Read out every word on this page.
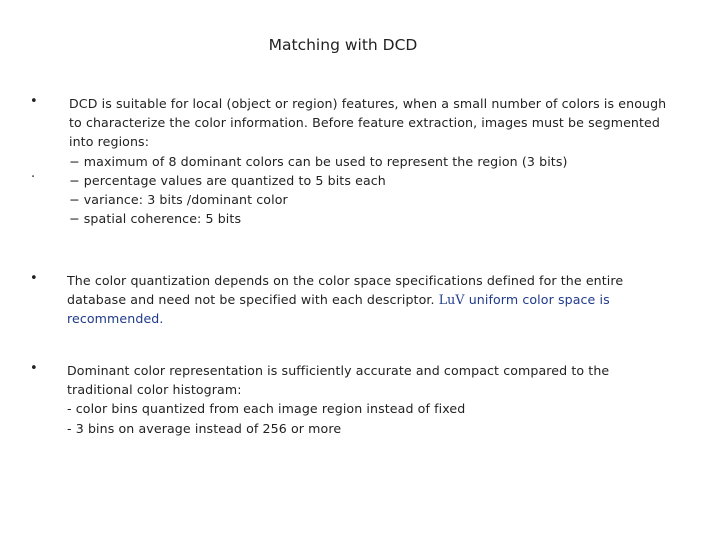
Matching with DCD
•
.
DCD is suitable for local (object or region) features, when a small number of colors is enough
to characterize the color information. Before feature extraction, images must be segmented
into regions:
− maximum of 8 dominant colors can be used to represent the region (3 bits)
− percentage values are quantized to 5 bits each
− variance: 3 bits /dominant color
− spatial coherence: 5 bits
• The color quantization depends on the color space specifications defined for the entire
database and need not be specified with each descriptor. LuV uniform color space is
recommended.
• Dominant color representation is sufficiently accurate and compact compared to the
traditional color histogram:
- color bins quantized from each image region instead of fixed
- 3 bins on average instead of 256 or more
